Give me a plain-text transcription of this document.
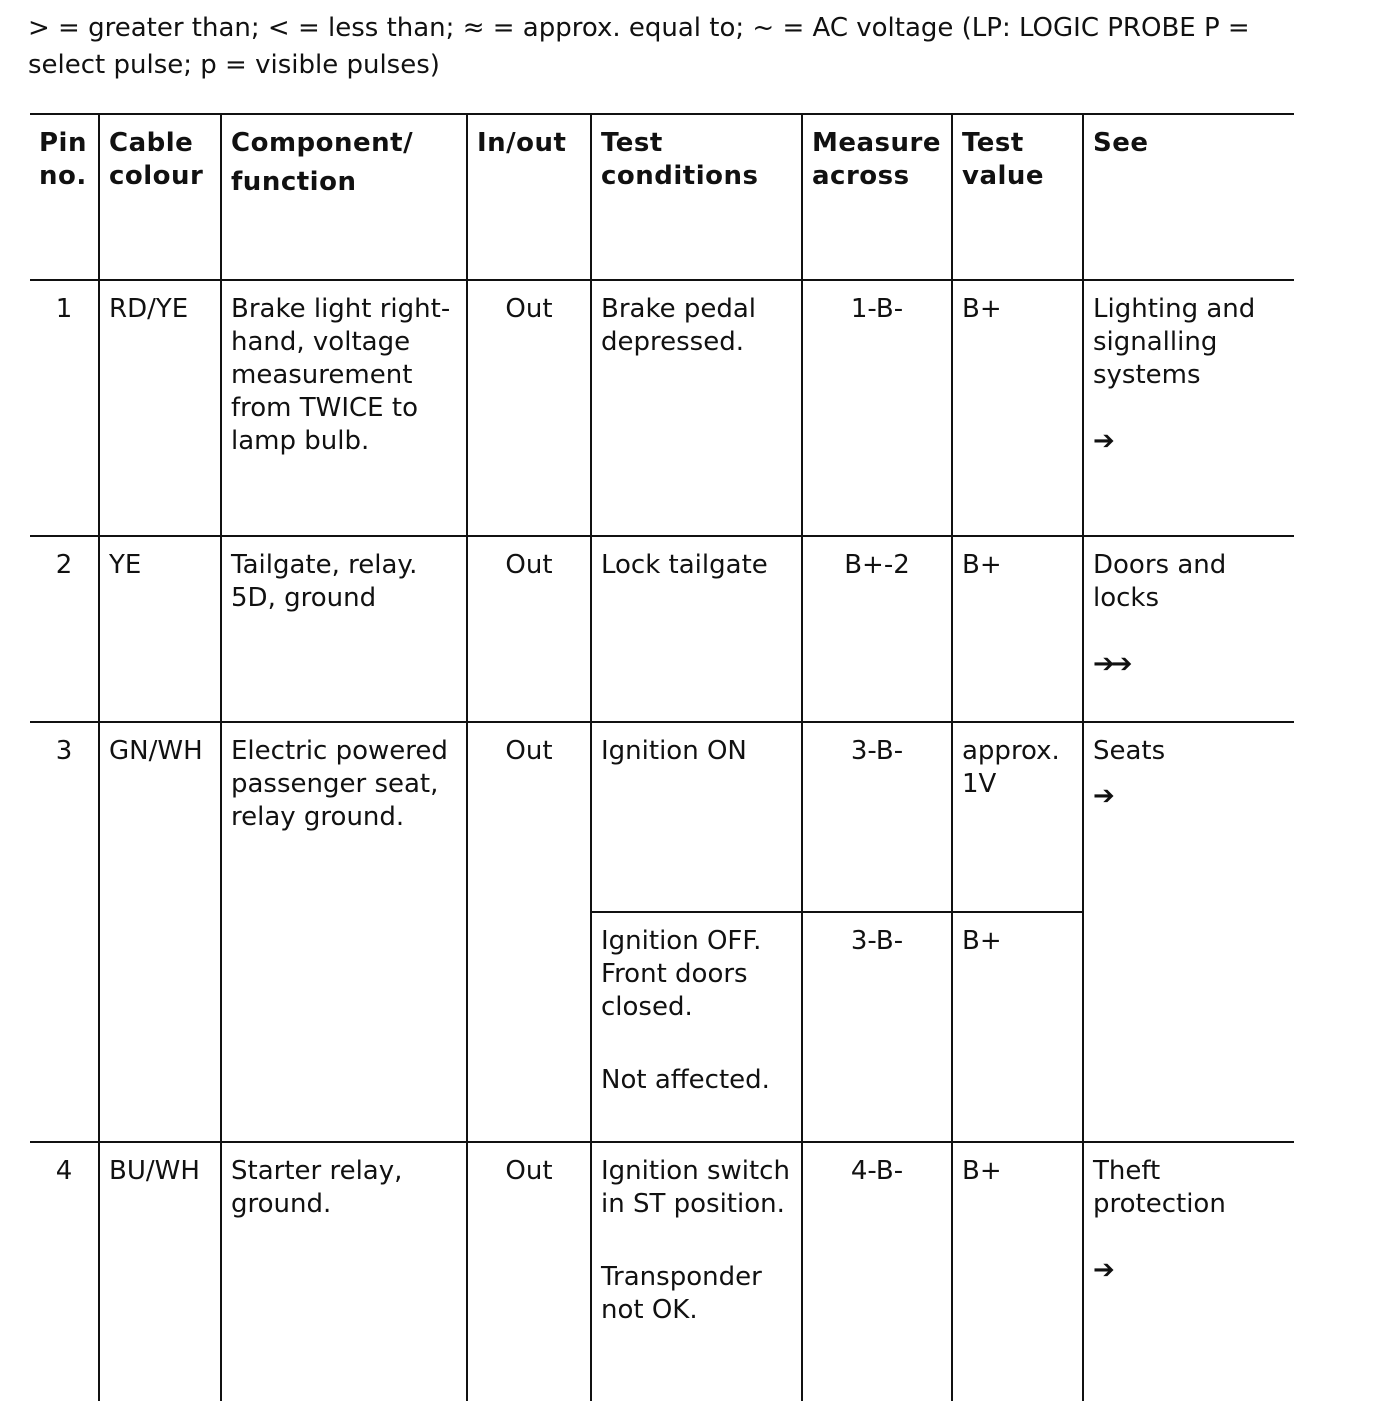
> = greater than; < = less than; ≈ = approx. equal to; ~ = AC voltage (LP: LOGIC PROBE P =
select pulse; p = visible pulses)
Pin no.	Cable colour	Component/
function	In/out	Test conditions	Measure across	Test value	See
1	RD/YE	Brake light right-hand, voltage measurement from TWICE to lamp bulb.	Out	Brake pedal depressed.	1-B-	B+	Lighting and signalling systems
➔

2	YE	Tailgate, relay. 5D, ground	Out	Lock tailgate	B+-2	B+	Doors and locks
➔➔

3	GN/WH	Electric powered passenger seat, relay ground.	Out	Ignition ON	3-B-	approx. 1V	Seats
➔

				Ignition OFF. Front doors closed.
Not affected.	3-B-	B+	
4	BU/WH	Starter relay, ground.	Out	Ignition switch in ST position.
Transponder not OK.	4-B-	B+	Theft protection
➔
